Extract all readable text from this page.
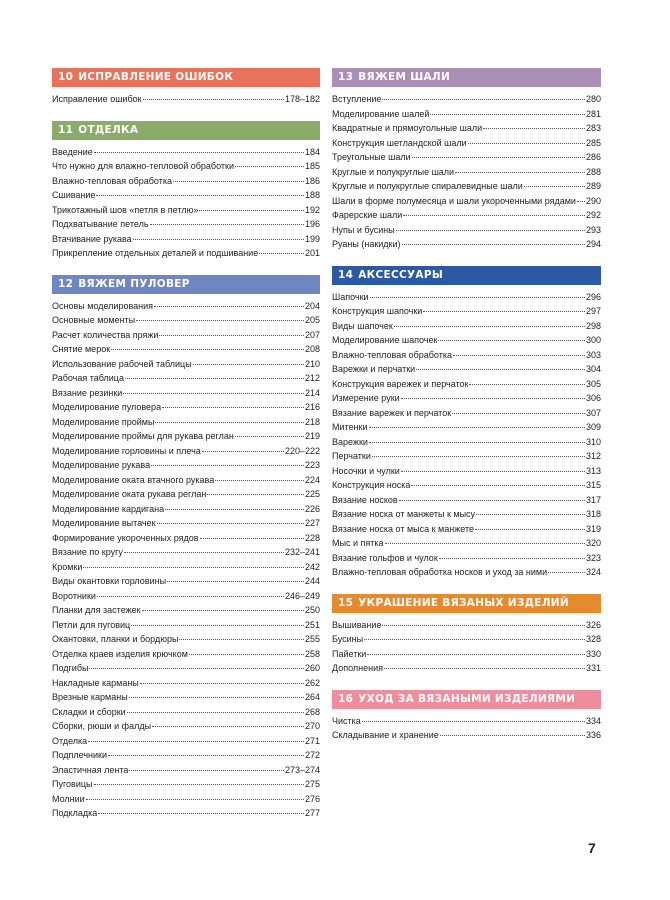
10 ИСПРАВЛЕНИЕ ОШИБОК
Исправление ошибок	178–182
11 ОТДЕЛКА
Введение	184
Что нужно для влажно-тепловой обработки	185
Влажно-тепловая обработка	186
Сшивание	188
Трикотажный шов «петля в петлю»	192
Подхватывание петель	196
Втачивание рукава	199
Прикрепление отдельных деталей и подшивание	201
12 ВЯЖЕМ ПУЛОВЕР
Основы моделирования	204
Основные моменты	205
Расчет количества пряжи	207
Снятие мерок	208
Использование рабочей таблицы	210
Рабочая таблица	212
Вязание резинки	214
Моделирование пуловера	216
Моделирование проймы	218
Моделирование проймы для рукава реглан	219
Моделирование горловины и плеча	220–222
Моделирование рукава	223
Моделирование оката втачного рукава	224
Моделирование оката рукава реглан	225
Моделирование кардигана	226
Моделирование вытачек	227
Формирование укороченных рядов	228
Вязание по кругу	232–241
Кромки	242
Виды окантовки горловины	244
Воротники	246–249
Планки для застежек	250
Петли для пуговиц	251
Окантовки, планки и бордюры	255
Отделка краев изделия крючком	258
Подгибы	260
Накладные карманы	262
Врезные карманы	264
Складки и сборки	268
Сборки, рюши и фалды	270
Отделка	271
Подплечники	272
Эластичная лента	273–274
Пуговицы	275
Молнии	276
Подкладка	277
13 ВЯЖЕМ ШАЛИ
Вступление	280
Моделирование шалей	281
Квадратные и прямоугольные шали	283
Конструкция шетландской шали	285
Треугольные шали	286
Круглые и полукруглые шали	288
Круглые и полукруглые спиралевидные шали	289
Шали в форме полумесяца и шали укороченными рядами 290
Фарерские шали	292
Нупы и бусины	293
Руаны (накидки)	294
14 АКСЕССУАРЫ
Шапочки	296
Конструкция шапочки	297
Виды шапочек	298
Моделирование шапочек	300
Влажно-тепловая обработка	303
Варежки и перчатки	304
Конструкция варежек и перчаток	305
Измерение руки	306
Вязание варежек и перчаток	307
Митенки	309
Варежки	310
Перчатки	312
Носочки и чулки	313
Конструкция носка	315
Вязание носков	317
Вязание носка от манжеты к мысу	318
Вязание носка от мыса к манжете	319
Мыс и пятка	320
Вязание гольфов и чулок	323
Влажно-тепловая обработка носков и уход за ними	324
15 УКРАШЕНИЕ ВЯЗАНЫХ ИЗДЕЛИЙ
Вышивание	326
Бусины	328
Пайетки	330
Дополнения	331
16 УХОД ЗА ВЯЗАНЫМИ ИЗДЕЛИЯМИ
Чистка	334
Складывание и хранение	336
7
